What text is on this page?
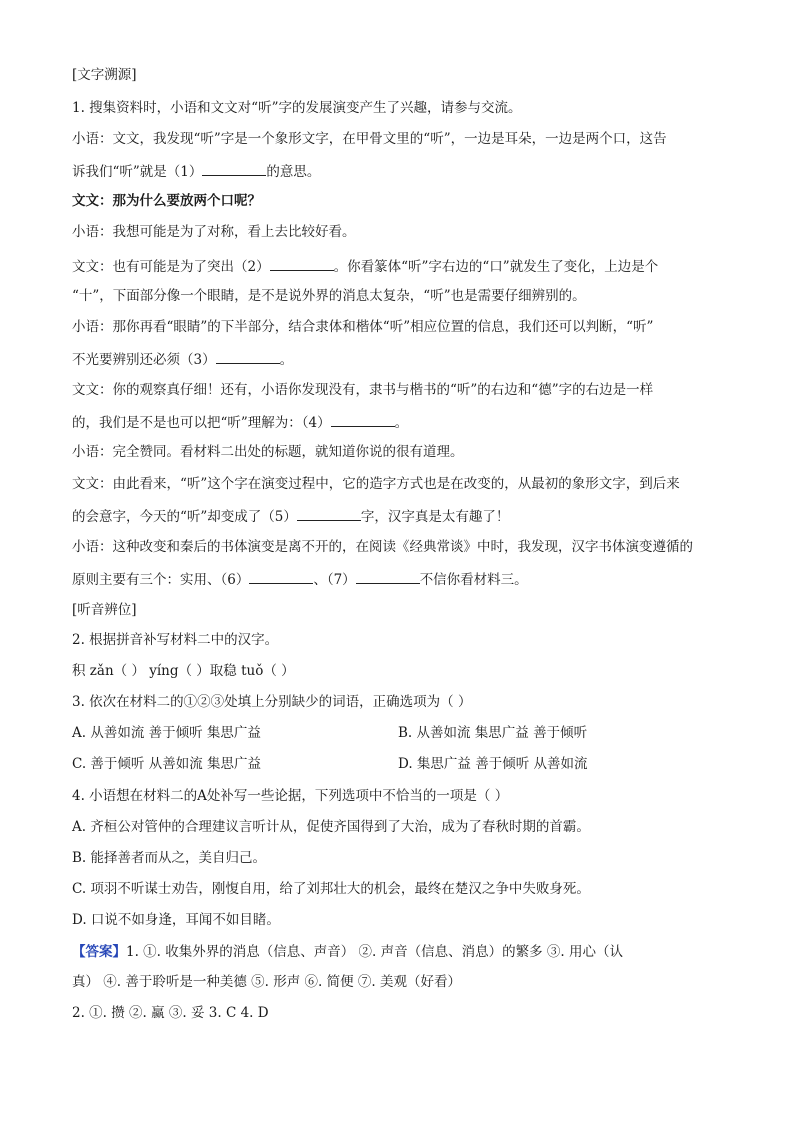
[文字溯源]
1. 搜集资料时，小语和文文对“听”字的发展演变产生了兴趣，请参与交流。
小语：文文，我发现“听”字是一个象形文字，在甲骨文里的“听”，一边是耳朵，一边是两个口，这告
诉我们“听”就是（1）	的意思。
文文：那为什么要放两个口呢？
小语：我想可能是为了对称，看上去比较好看。
文文：也有可能是为了突出（2）	。你看篆体“听”字右边的“口”就发生了变化，上边是个
“十”，下面部分像一个眼睛，是不是说外界的消息太复杂，“听”也是需要仔细辨别的。
小语：那你再看“眼睛”的下半部分，结合隶体和楷体“听”相应位置的信息，我们还可以判断，“听”
不光要辨别还必须（3）	。
文文：你的观察真仔细！还有，小语你发现没有，隶书与楷书的“听”的右边和“德”字的右边是一样
的，我们是不是也可以把“听”理解为：（4）	。
小语：完全赞同。看材料二出处的标题，就知道你说的很有道理。
文文：由此看来，“听”这个字在演变过程中，它的造字方式也是在改变的，从最初的象形文字，到后来
的会意字，今天的“听”却变成了（5）	字，汉字真是太有趣了！
小语：这种改变和秦后的书体演变是离不开的，在阅读《经典常谈》中时，我发现，汉字书体演变遵循的
原则主要有三个：实用、（6）	、（7）	不信你看材料三。
[听音辨位]
2. 根据拼音补写材料二中的汉字。
积 zǎn（ ） yíng（ ）取稳 tuǒ（ ）
3. 依次在材料二的①②③处填上分别缺少的词语，正确选项为（ ）
A. 从善如流 善于倾听 集思广益	B. 从善如流 集思广益 善于倾听
C. 善于倾听 从善如流 集思广益	D. 集思广益 善于倾听 从善如流
4. 小语想在材料二的A处补写一些论据，下列选项中不恰当的一项是（ ）
A. 齐桓公对管仲的合理建议言听计从，促使齐国得到了大治，成为了春秋时期的首霸。
B. 能择善者而从之，美自归己。
C. 项羽不听谋士劝告，刚愎自用，给了刘邦壮大的机会，最终在楚汉之争中失败身死。
D. 口说不如身逢，耳闻不如目睹。
【答案】1. ①. 收集外界的消息（信息、声音） ②. 声音（信息、消息）的繁多 ③. 用心（认
真） ④. 善于聆听是一种美德 ⑤. 形声 ⑥. 简便 ⑦. 美观（好看）
2. ①. 攒 ②. 赢 ③. 妥 3. C 4. D
